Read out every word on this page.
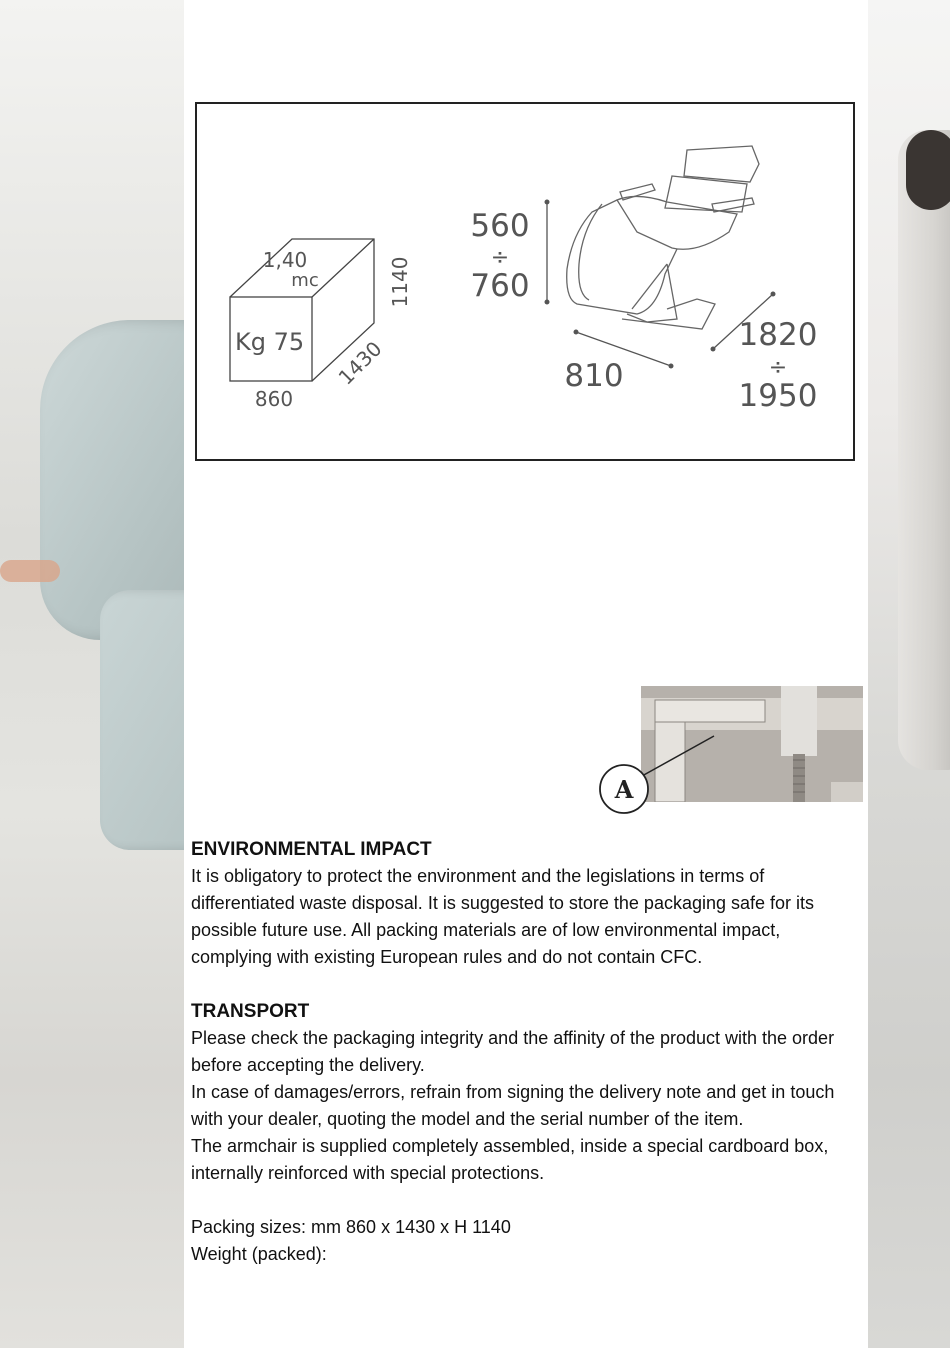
1,40
mc
Kg 75
1140
1430
860
560
÷
760
810
1820
÷
1950
A
ENVIRONMENTAL IMPACT

It is obligatory to protect the environment and the legislations in terms of differentiated waste disposal. It is suggested to store the packaging safe for its possible future use. All packing materials are of low environmental impact, complying with existing European rules and do not contain CFC.

TRANSPORT

Please check the packaging integrity and the affinity of the product with the order before accepting the delivery.

In case of damages/errors, refrain from signing the delivery note and get in touch with your dealer, quoting the model and the serial number of the item.

The armchair is supplied completely assembled, inside a special cardboard box, internally reinforced with special protections.

Packing sizes: mm 860 x 1430 x H 1140

Weight (packed):
